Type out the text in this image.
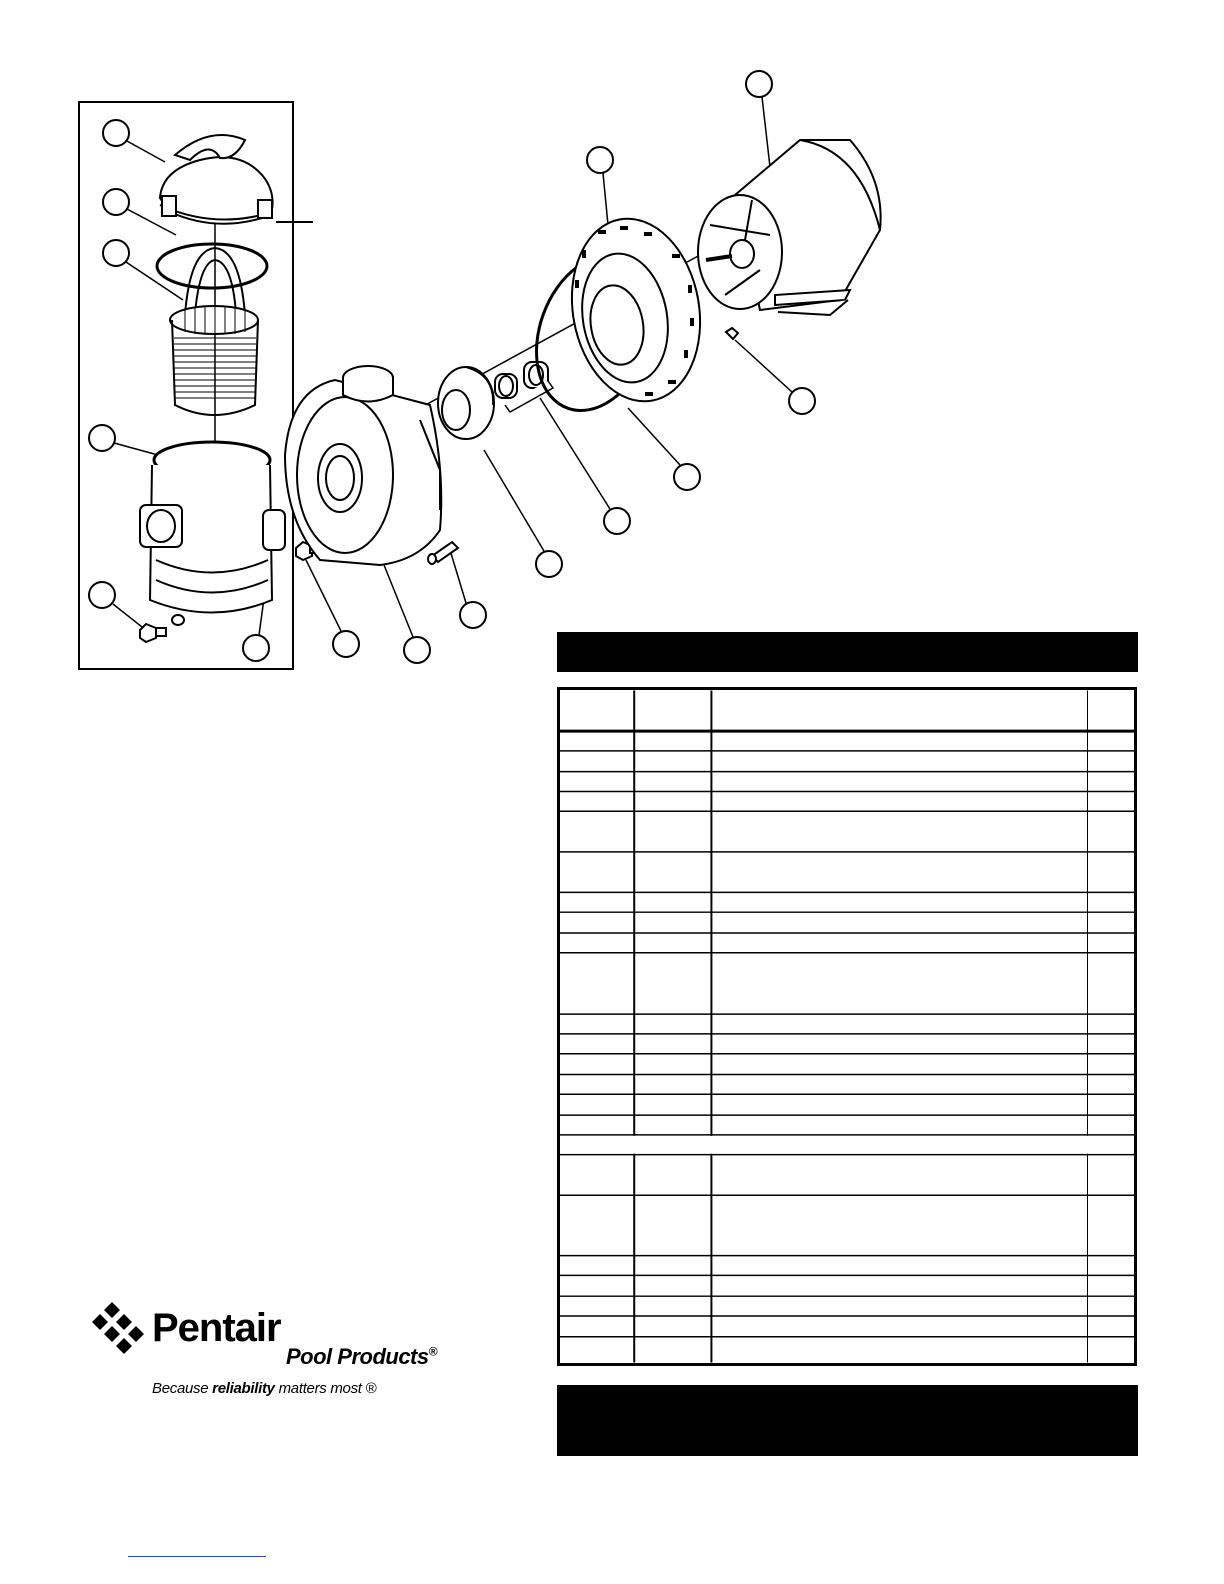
Pentair
Pool Products®
Because reliability matters most ®
